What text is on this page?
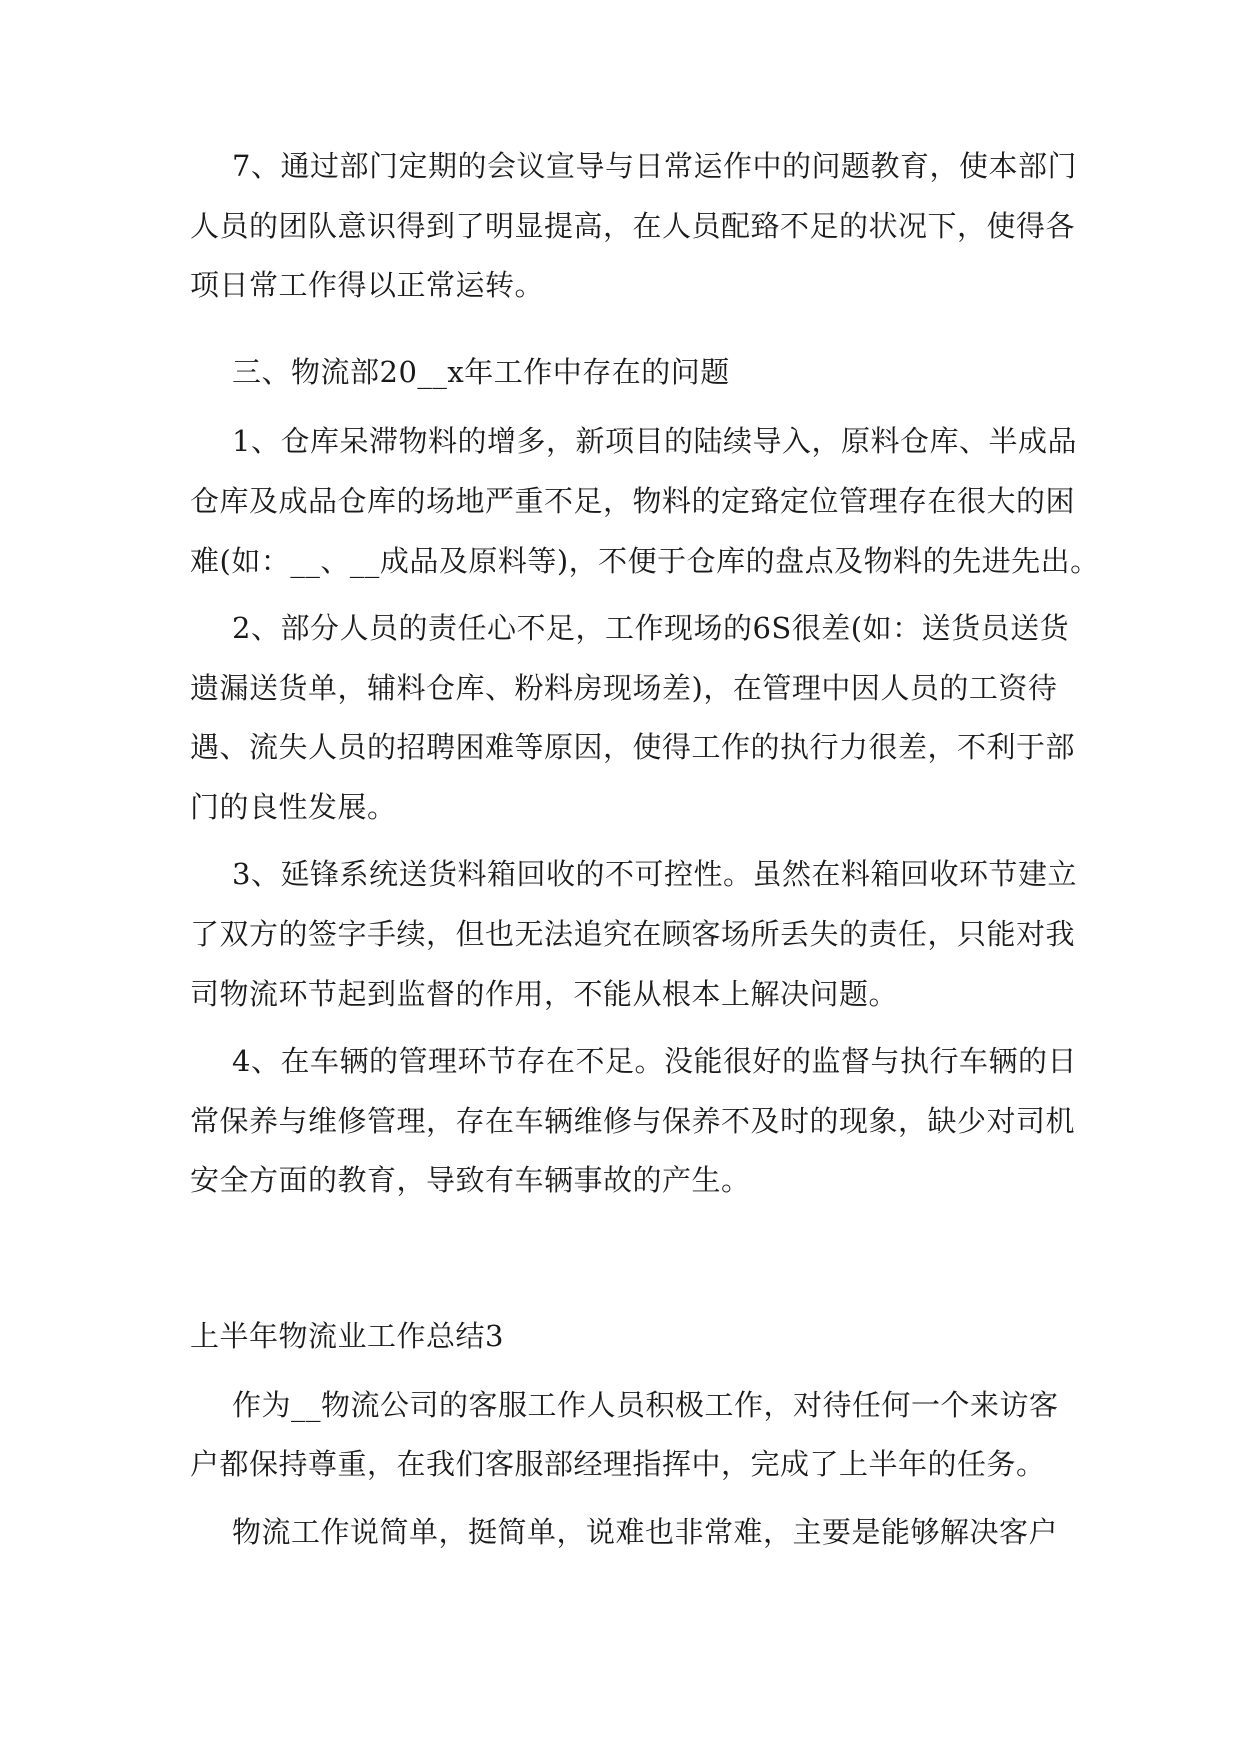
7、通过部门定期的会议宣导与日常运作中的问题教育，使本部门
人员的团队意识得到了明显提高，在人员配臵不足的状况下，使得各
项日常工作得以正常运转。
三、物流部20__x年工作中存在的问题
1、仓库呆滞物料的增多，新项目的陆续导入，原料仓库、半成品
仓库及成品仓库的场地严重不足，物料的定臵定位管理存在很大的困
难(如：__、__成品及原料等)，不便于仓库的盘点及物料的先进先出。
2、部分人员的责任心不足，工作现场的6S很差(如：送货员送货
遗漏送货单，辅料仓库、粉料房现场差)，在管理中因人员的工资待
遇、流失人员的招聘困难等原因，使得工作的执行力很差，不利于部
门的良性发展。
3、延锋系统送货料箱回收的不可控性。虽然在料箱回收环节建立
了双方的签字手续，但也无法追究在顾客场所丢失的责任，只能对我
司物流环节起到监督的作用，不能从根本上解决问题。
4、在车辆的管理环节存在不足。没能很好的监督与执行车辆的日
常保养与维修管理，存在车辆维修与保养不及时的现象，缺少对司机
安全方面的教育，导致有车辆事故的产生。
上半年物流业工作总结3
作为__物流公司的客服工作人员积极工作，对待任何一个来访客
户都保持尊重，在我们客服部经理指挥中，完成了上半年的任务。
物流工作说简单，挺简单，说难也非常难，主要是能够解决客户
